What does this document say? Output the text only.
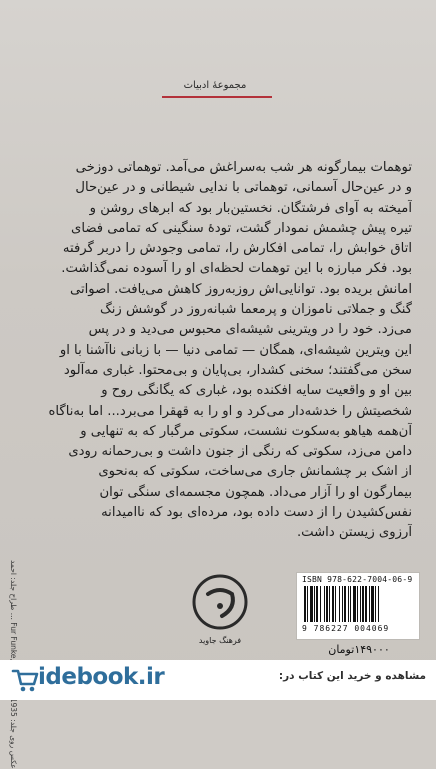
مجموعهٔ ادبیات
توهمات بیمارگونه هر شب به‌سراغش می‌آمد. توهماتی دوزخی
و در عین‌حال آسمانی، توهماتی با ندایی شیطانی و در عین‌حال
آمیخته به آوای فرشتگان. نخستین‌بار بود که ابرهای روشن و
تیره پیش چشمش نمودار گشت، تودهٔ سنگینی که تمامی فضای
اتاق خوابش را، تمامی افکارش را، تمامی وجودش را دربر گرفته
بود. فکر مبارزه با این توهمات لحظه‌ای او را آسوده نمی‌گذاشت.
امانش بریده بود. توانایی‌اش روزبه‌روز کاهش می‌یافت. اصواتی
گنگ و جملاتی ناموزان و پرمعما شبانه‌روز در گوشش زنگ
می‌زد. خود را در ویترینی شیشه‌ای محبوس می‌دید و در پس
این ویترین شیشه‌ای، همگان — تمامی دنیا — با زبانی ناآشنا با او
سخن می‌گفتند؛ سخنی کشدار، بی‌پایان و بی‌محتوا. غباری مه‌آلود
بین او و واقعیت سایه افکنده بود، غباری که یگانگی روح و
شخصیتش را خدشه‌دار می‌کرد و او را به قهقرا می‌برد... اما به‌ناگاه
آن‌همه هیاهو به‌سکوت نشست، سکوتی مرگبار که به تنهایی و
دامن می‌زد، سکوتی که رنگی از جنون داشت و بی‌رحمانه رودی
از اشک بر چشمانش جاری می‌ساخت، سکوتی که به‌نحوی
بیمارگون او را آزار می‌داد. همچون مجسمه‌ای سنگی توان
نفس‌کشیدن را از دست داده بود، مرده‌ای بود که ناامیدانه
آرزوی زیستن داشت.
طراح جلد: احمد ... Fur Funke, 1935 :عکس روی جلد
فرهنگ جاوید
ISBN 978-622-7004-06-9
9 786227 004069
۱۴۹۰۰۰تومان
idebook.ir	مشاهده و خرید این کتاب در:
